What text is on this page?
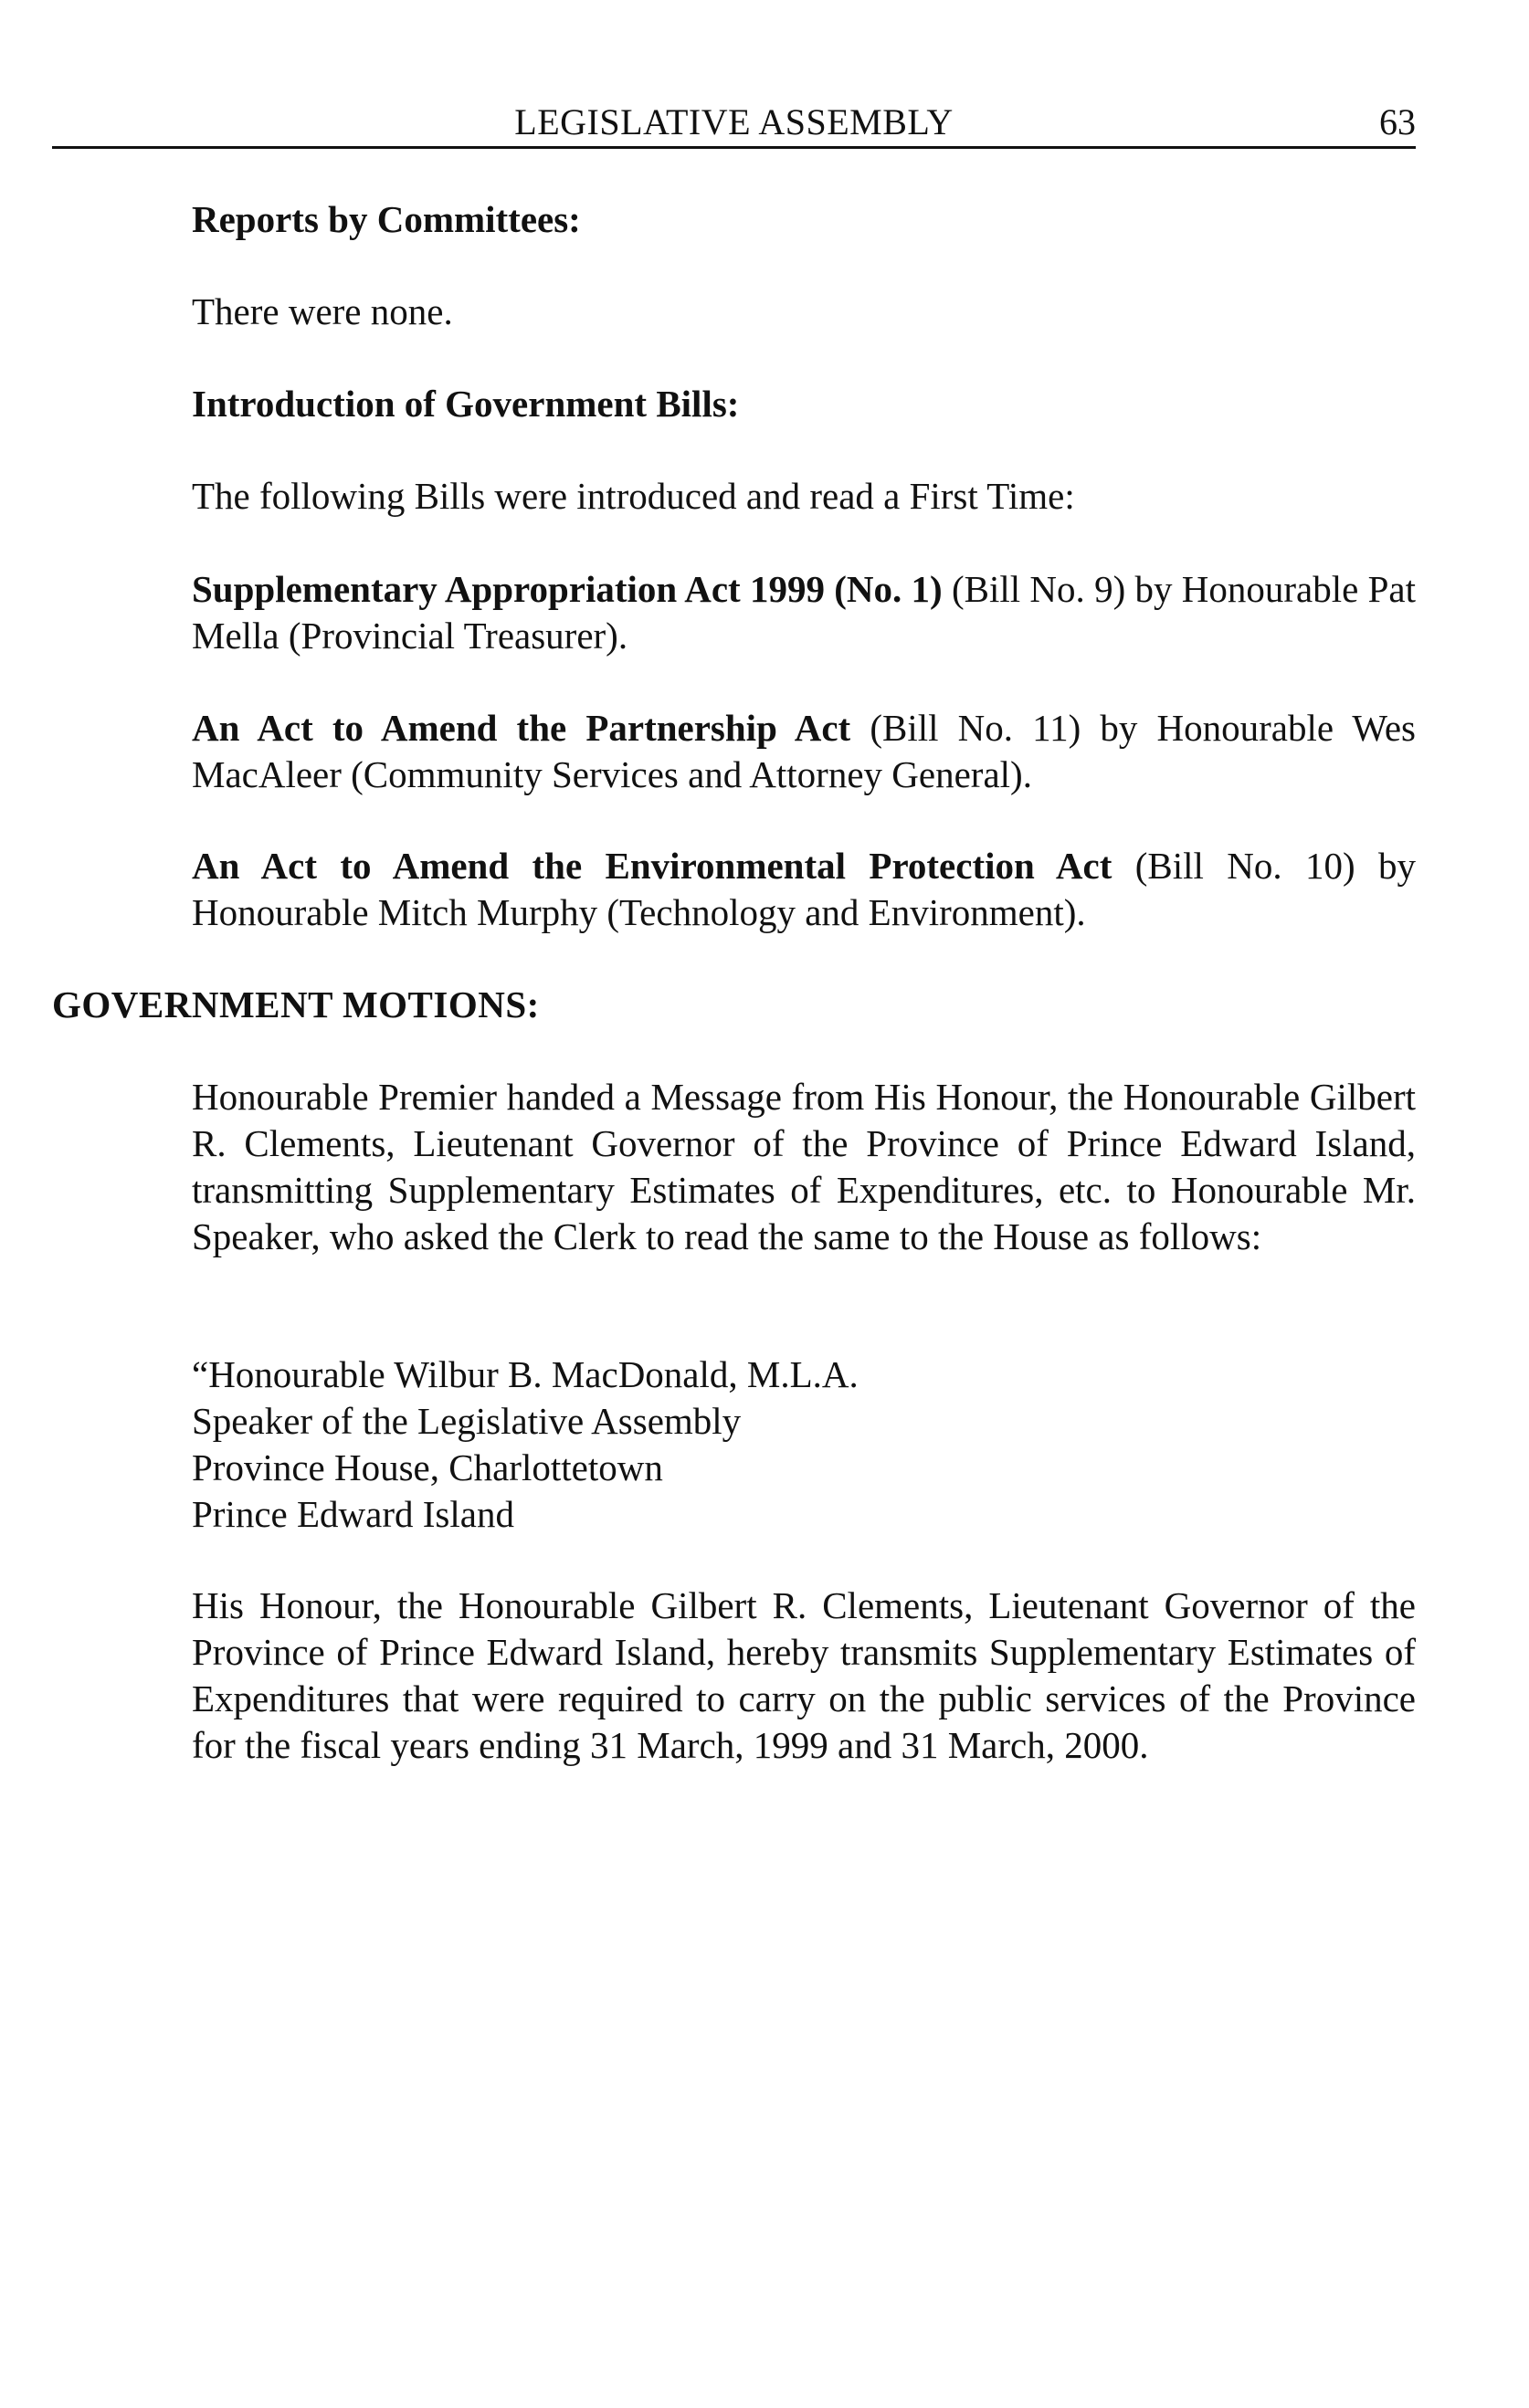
LEGISLATIVE ASSEMBLY	63
Reports by Committees:
There were none.
Introduction of Government Bills:
The following Bills were introduced and read a First Time:
Supplementary Appropriation Act 1999 (No. 1) (Bill No. 9) by Honourable Pat Mella (Provincial Treasurer).
An Act to Amend the Partnership Act (Bill No. 11) by Honourable Wes MacAleer (Community Services and Attorney General).
An Act to Amend the Environmental Protection Act (Bill No. 10) by Honourable Mitch Murphy (Technology and Environment).
GOVERNMENT MOTIONS:
Honourable Premier handed a Message from His Honour, the Honourable Gilbert R. Clements, Lieutenant Governor of the Province of Prince Edward Island, transmitting Supplementary Estimates of Expenditures, etc. to Honourable Mr. Speaker, who asked the Clerk to read the same to the House as follows:
“Honourable Wilbur B. MacDonald, M.L.A.
Speaker of the Legislative Assembly
Province House, Charlottetown
Prince Edward Island
His Honour, the Honourable Gilbert R. Clements, Lieutenant Governor of the Province of Prince Edward Island, hereby transmits Supplementary Estimates of Expenditures that were required to carry on the public services of the Province for the fiscal years ending 31 March, 1999 and 31 March, 2000.
